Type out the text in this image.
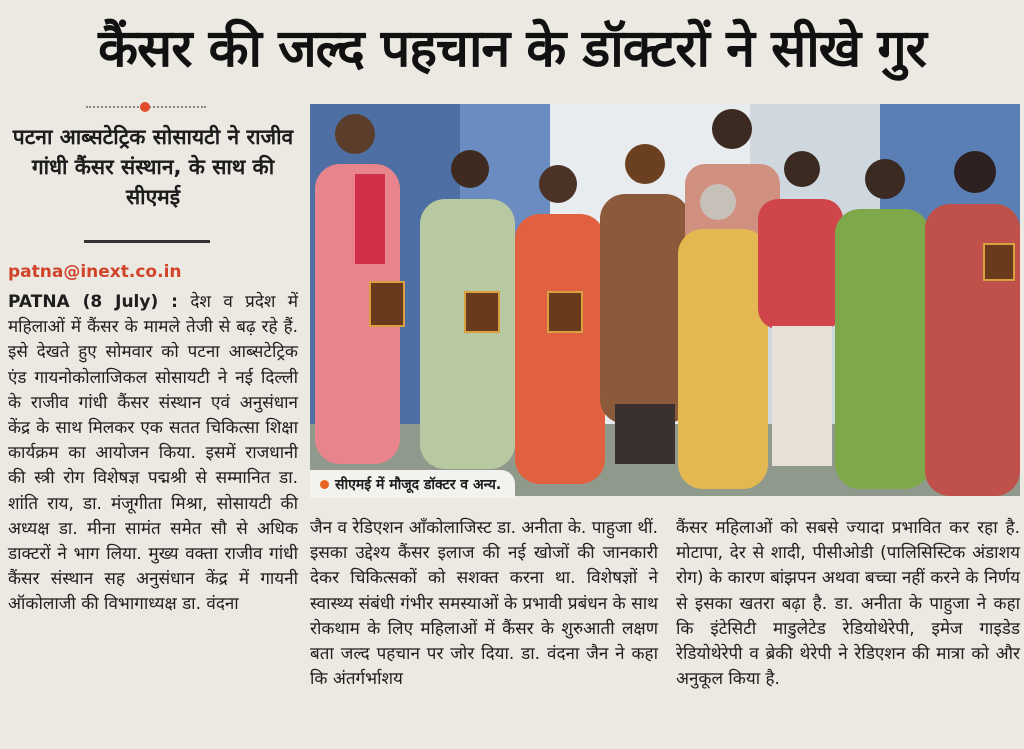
कैंसर की जल्द पहचान के डॉक्टरों ने सीखे गुर
पटना आब्सटेट्रिक सोसायटी ने राजीव गांधी कैंसर संस्थान, के साथ की सीएमई
patna@inext.co.in
PATNA (8 July) : देश व प्रदेश में महिलाओं में कैंसर के मामले तेजी से बढ़ रहे हैं. इसे देखते हुए सोमवार को पटना आब्सटेट्रिक एंड गायनोकोलाजिकल सोसायटी ने नई दिल्ली के राजीव गांधी कैंसर संस्थान एवं अनुसंधान केंद्र के साथ मिलकर एक सतत चिकित्सा शिक्षा कार्यक्रम का आयोजन किया. इसमें राजधानी की स्त्री रोग विशेषज्ञ पद्मश्री से सम्मानित डा. शांति राय, डा. मंजूगीता मिश्रा, सोसायटी की अध्यक्ष डा. मीना सामंत समेत सौ से अधिक डाक्टरों ने भाग लिया. मुख्य वक्ता राजीव गांधी कैंसर संस्थान सह अनुसंधान केंद्र में गायनी ऑकोलाजी की विभागाध्यक्ष डा. वंदना
सीएमई में मौजूद डॉक्टर व अन्य.
जैन व रेडिएशन ऑंकोलाजिस्ट डा. अनीता के. पाहुजा थीं. इसका उद्देश्य कैंसर इलाज की नई खोजों की जानकारी देकर चिकित्सकों को सशक्त करना था. विशेषज्ञों ने स्वास्थ्य संबंधी गंभीर समस्याओं के प्रभावी प्रबंधन के साथ रोकथाम के लिए महिलाओं में कैंसर के शुरुआती लक्षण बता जल्द पहचान पर जोर दिया. डा. वंदना जैन ने कहा कि अंतर्गर्भाशय
कैंसर महिलाओं को सबसे ज्यादा प्रभावित कर रहा है. मोटापा, देर से शादी, पीसीओडी (पालिसिस्टिक अंडाशय रोग) के कारण बांझपन अथवा बच्चा नहीं करने के निर्णय से इसका खतरा बढ़ा है. डा. अनीता के पाहुजा ने कहा कि इंटेसिटी माडुलेटेड रेडियोथेरेपी, इमेज गाइडेड रेडियोथेरेपी व ब्रेकी थेरेपी ने रेडिएशन की मात्रा को और अनुकूल किया है.
